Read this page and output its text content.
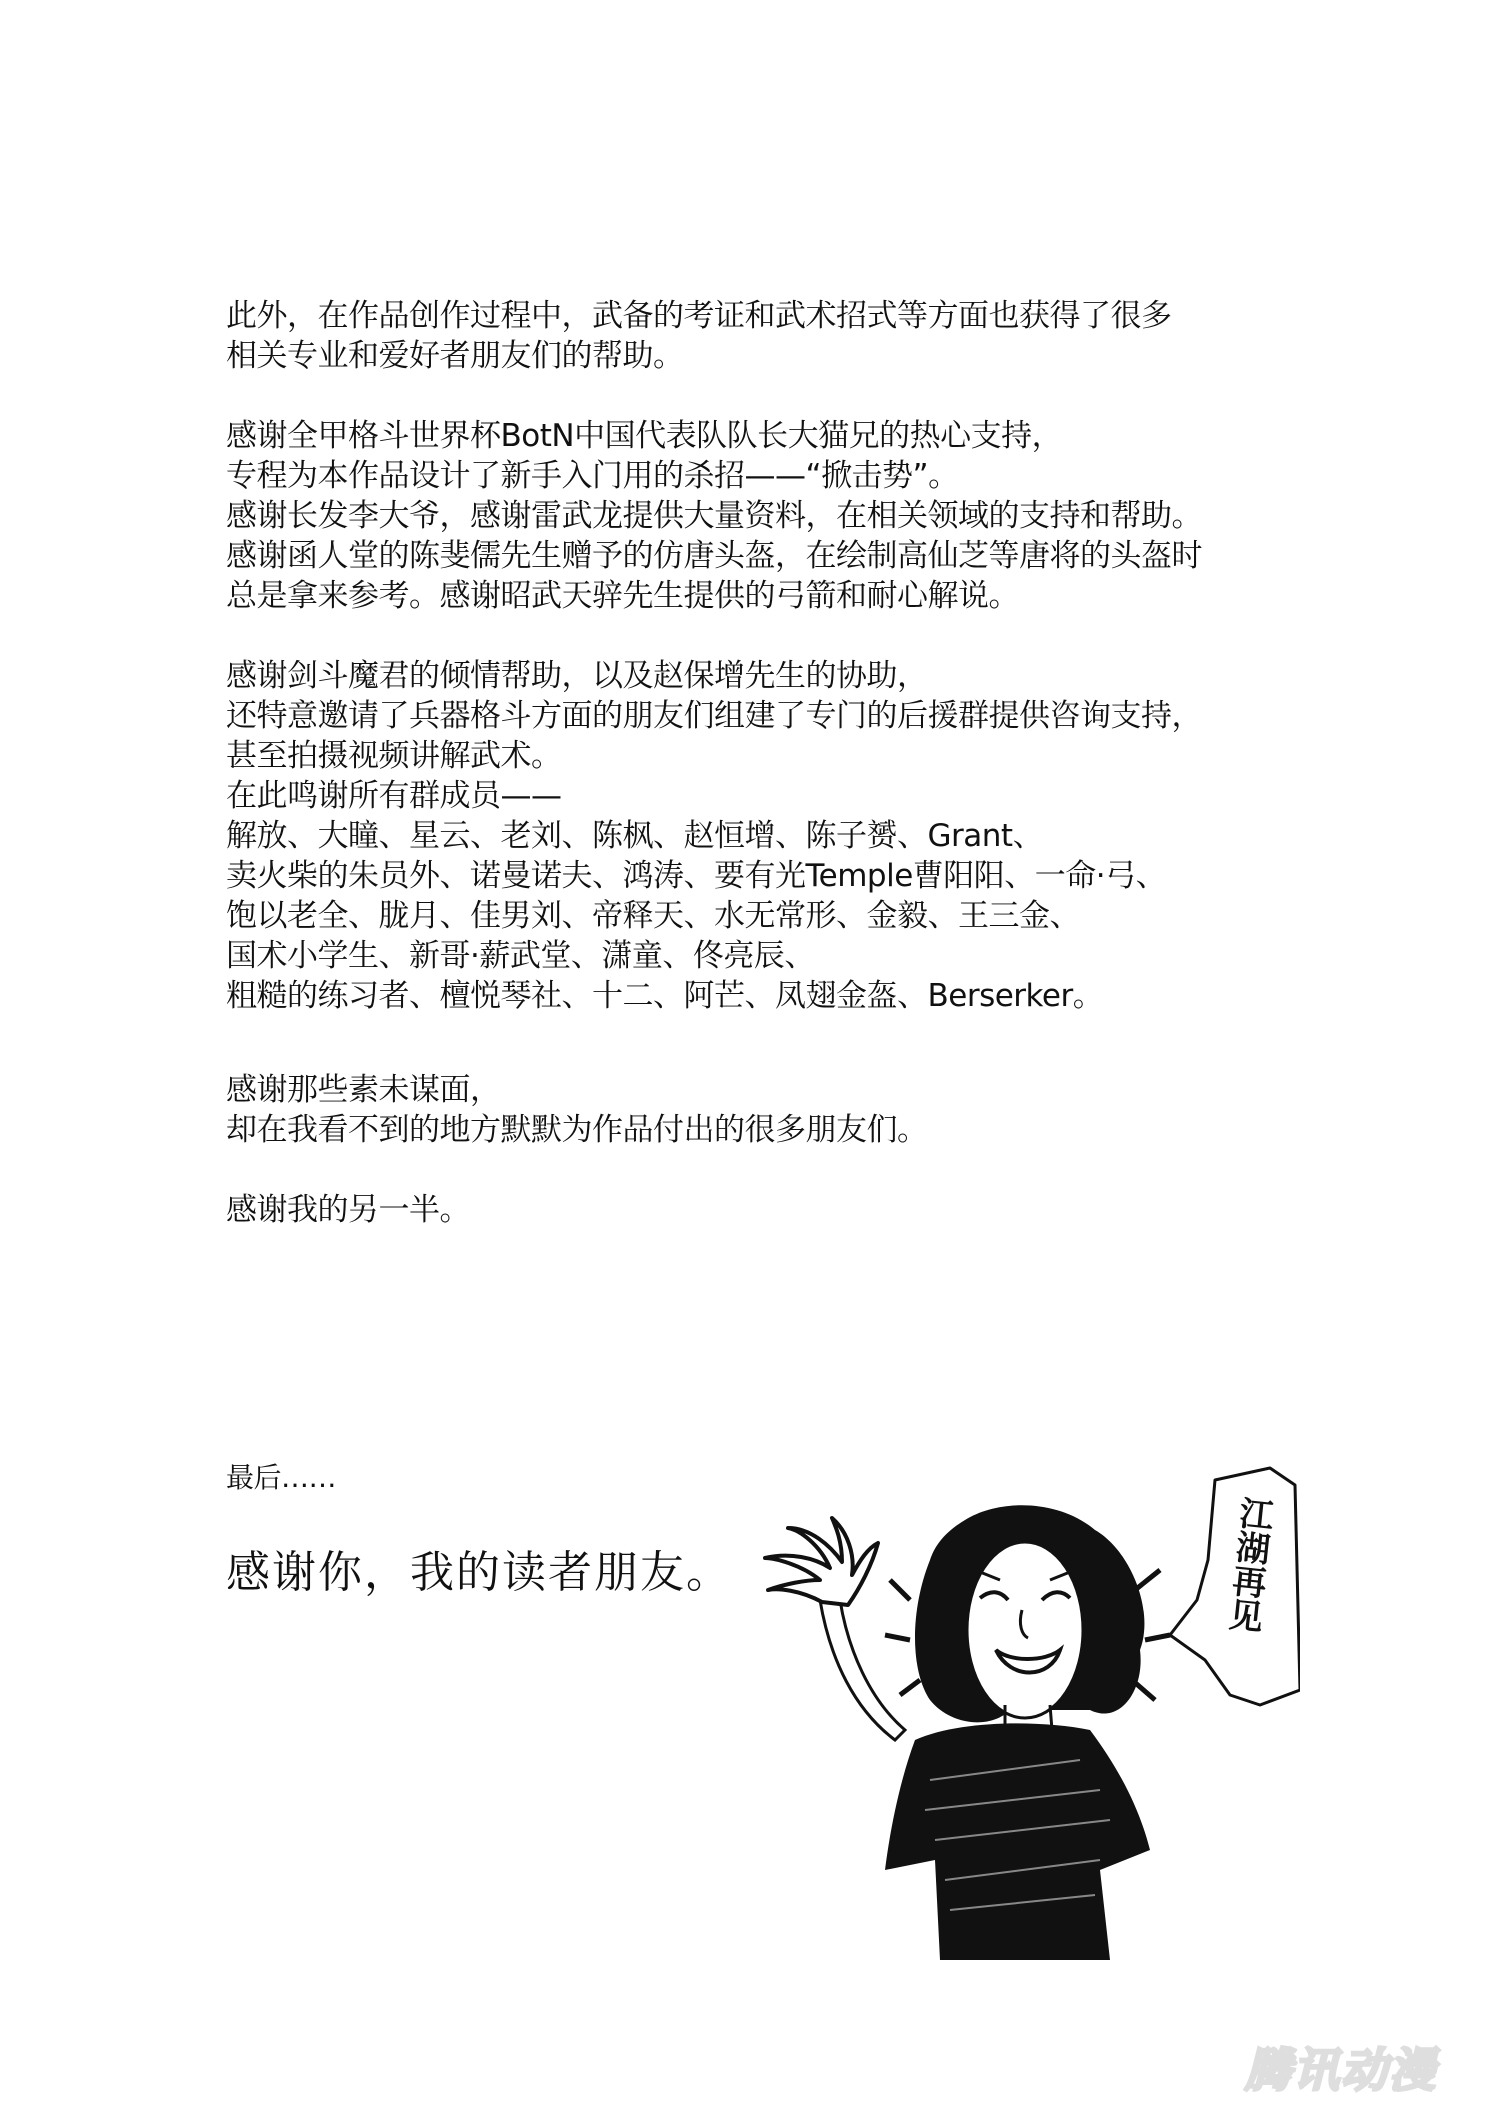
此外，在作品创作过程中，武备的考证和武术招式等方面也获得了很多
相关专业和爱好者朋友们的帮助。
感谢全甲格斗世界杯BotN中国代表队队长大猫兄的热心支持，
专程为本作品设计了新手入门用的杀招——“掀击势”。
感谢长发李大爷，感谢雷武龙提供大量资料，在相关领域的支持和帮助。
感谢函人堂的陈斐儒先生赠予的仿唐头盔，在绘制高仙芝等唐将的头盔时
总是拿来参考。感谢昭武天骍先生提供的弓箭和耐心解说。
感谢剑斗魔君的倾情帮助，以及赵保增先生的协助，
还特意邀请了兵器格斗方面的朋友们组建了专门的后援群提供咨询支持，
甚至拍摄视频讲解武术。
在此鸣谢所有群成员——
解放、大瞳、星云、老刘、陈枫、赵恒增、陈子赟、Grant、
卖火柴的朱员外、诺曼诺夫、鸿涛、要有光Temple曹阳阳、一命·弓、
饱以老全、胧月、佳男刘、帝释天、水无常形、金毅、王三金、
国术小学生、新哥·薪武堂、潇童、佟亮辰、
粗糙的练习者、檀悦琴社、十二、阿芒、凤翅金盔、Berserker。
感谢那些素未谋面，
却在我看不到的地方默默为作品付出的很多朋友们。
感谢我的另一半。
最后……
感谢你，我的读者朋友。	江湖再见
腾讯动漫
